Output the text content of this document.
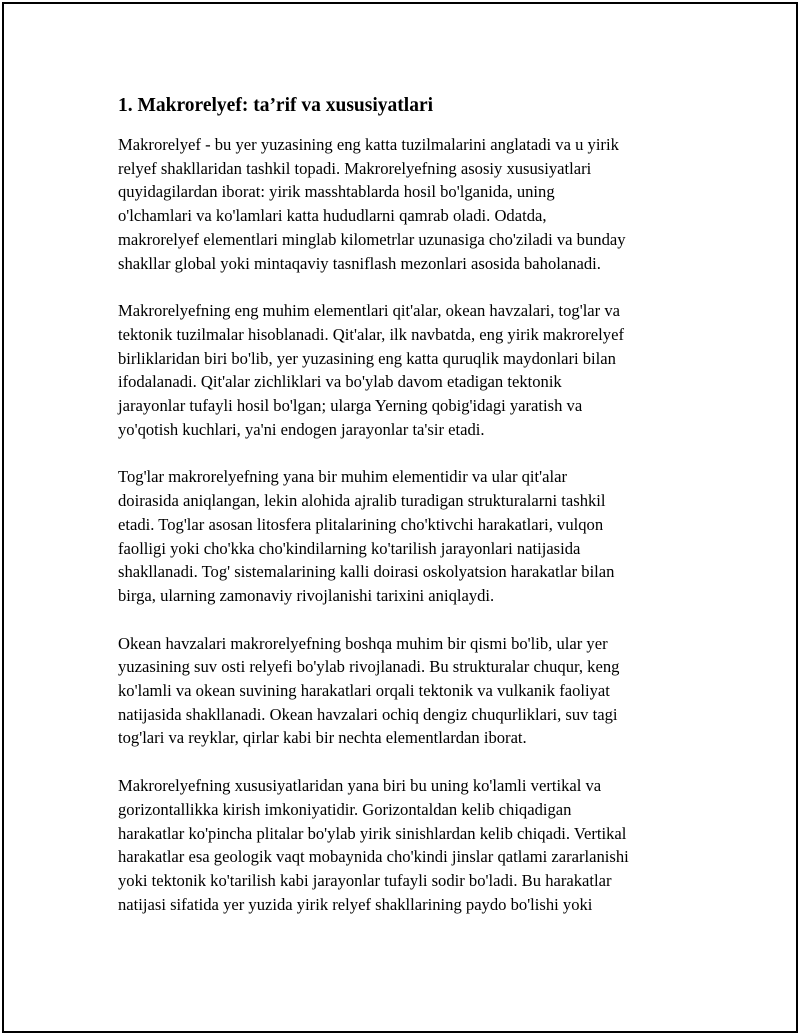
1. Makrorelyef: ta’rif va xususiyatlari

Makrorelyef - bu yer yuzasining eng katta tuzilmalarini anglatadi va u yirik
relyef shakllaridan tashkil topadi. Makrorelyefning asosiy xususiyatlari
quyidagilardan iborat: yirik masshtablarda hosil bo'lganida, uning
o'lchamlari va ko'lamlari katta hududlarni qamrab oladi. Odatda,
makrorelyef elementlari minglab kilometrlar uzunasiga cho'ziladi va bunday
shakllar global yoki mintaqaviy tasniflash mezonlari asosida baholanadi.

Makrorelyefning eng muhim elementlari qit'alar, okean havzalari, tog'lar va
tektonik tuzilmalar hisoblanadi. Qit'alar, ilk navbatda, eng yirik makrorelyef
birliklaridan biri bo'lib, yer yuzasining eng katta quruqlik maydonlari bilan
ifodalanadi. Qit'alar zichliklari va bo'ylab davom etadigan tektonik
jarayonlar tufayli hosil bo'lgan; ularga Yerning qobig'idagi yaratish va
yo'qotish kuchlari, ya'ni endogen jarayonlar ta'sir etadi.

Tog'lar makrorelyefning yana bir muhim elementidir va ular qit'alar
doirasida aniqlangan, lekin alohida ajralib turadigan strukturalarni tashkil
etadi. Tog'lar asosan litosfera plitalarining cho'ktivchi harakatlari, vulqon
faolligi yoki cho'kka cho'kindilarning ko'tarilish jarayonlari natijasida
shakllanadi. Tog' sistemalarining kalli doirasi oskolyatsion harakatlar bilan
birga, ularning zamonaviy rivojlanishi tarixini aniqlaydi.

Okean havzalari makrorelyefning boshqa muhim bir qismi bo'lib, ular yer
yuzasining suv osti relyefi bo'ylab rivojlanadi. Bu strukturalar chuqur, keng
ko'lamli va okean suvining harakatlari orqali tektonik va vulkanik faoliyat
natijasida shakllanadi. Okean havzalari ochiq dengiz chuqurliklari, suv tagi
tog'lari va reyklar, qirlar kabi bir nechta elementlardan iborat.

Makrorelyefning xususiyatlaridan yana biri bu uning ko'lamli vertikal va
gorizontallikka kirish imkoniyatidir. Gorizontaldan kelib chiqadigan
harakatlar ko'pincha plitalar bo'ylab yirik sinishlardan kelib chiqadi. Vertikal
harakatlar esa geologik vaqt mobaynida cho'kindi jinslar qatlami zararlanishi
yoki tektonik ko'tarilish kabi jarayonlar tufayli sodir bo'ladi. Bu harakatlar
natijasi sifatida yer yuzida yirik relyef shakllarining paydo bo'lishi yoki
